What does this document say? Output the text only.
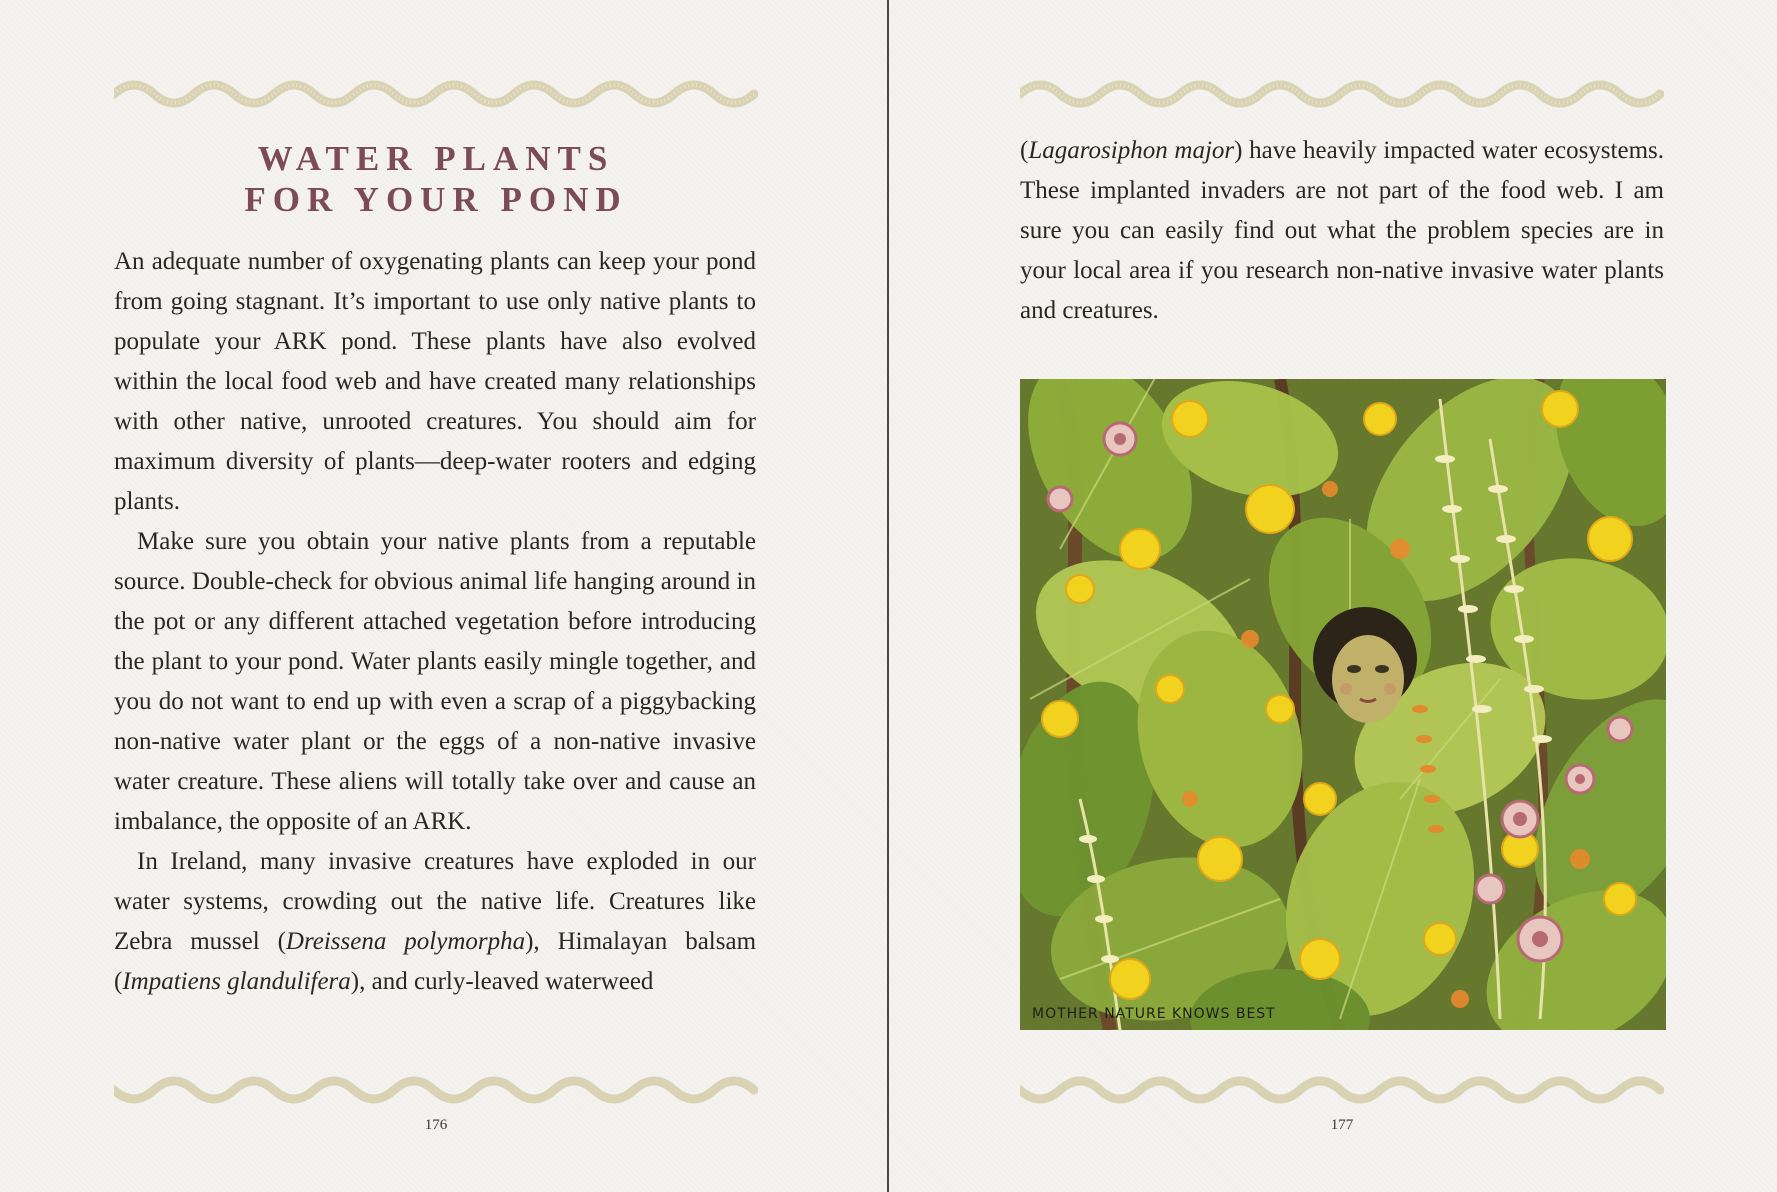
WATER PLANTS
FOR YOUR POND

An adequate number of oxygenating plants can keep your pond from going stagnant. It’s important to use only native plants to populate your ARK pond. These plants have also evolved within the local food web and have created many relationships with other native, unrooted creatures. You should aim for maximum diversity of plants—deep-water rooters and edging plants.

Make sure you obtain your native plants from a reputable source. Double-check for obvious animal life hanging around in the pot or any different attached vegetation before introducing the plant to your pond. Water plants easily mingle together, and you do not want to end up with even a scrap of a piggybacking non-native water plant or the eggs of a non-native invasive water creature. These aliens will totally take over and cause an imbalance, the opposite of an ARK.

In Ireland, many invasive creatures have exploded in our water systems, crowding out the native life. Creatures like Zebra mussel (Dreissena polymorpha), Himalayan balsam (Impatiens glandulifera), and curly-leaved waterweed

176

(Lagarosiphon major) have heavily impacted water ecosystems. These implanted invaders are not part of the food web. I am sure you can easily find out what the problem species are in your local area if you research non-native invasive water plants and creatures.

MOTHER NATURE KNOWS BEST
177
